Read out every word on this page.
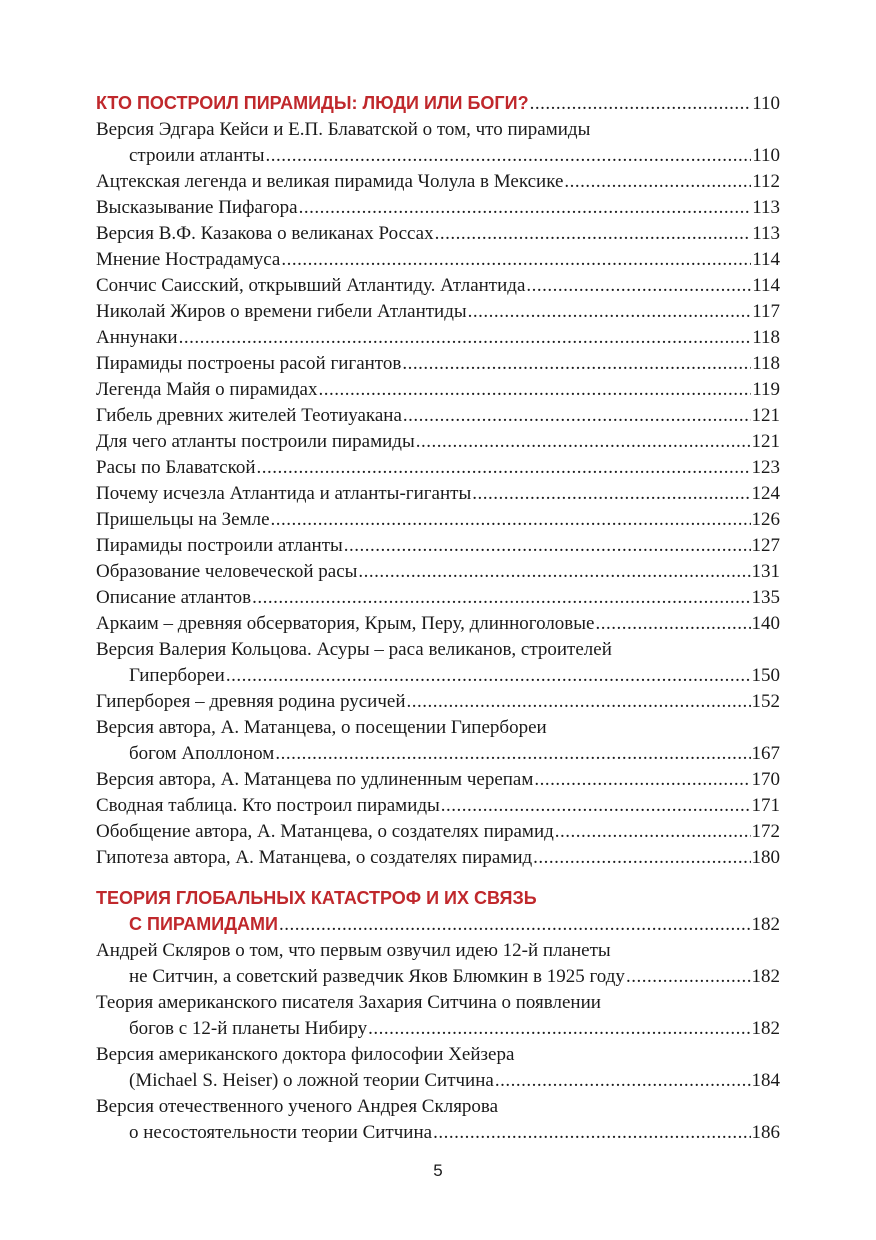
КТО ПОСТРОИЛ ПИРАМИДЫ: ЛЮДИ ИЛИ БОГИ? .....	110
Версия Эдгара Кейси и Е.П. Блаватской о том, что пирамиды
строили атланты .....	110
Ацтекская легенда и великая пирамида Чолула в Мексике .....	112
Высказывание Пифагора .....	113
Версия В.Ф. Казакова о великанах Россах .....	113
Мнение Нострадамуса .....	114
Сончис Саисский, открывший Атлантиду. Атлантида .....	114
Николай Жиров о времени гибели Атлантиды .....	117
Аннунаки .....	118
Пирамиды построены расой гигантов .....	118
Легенда Майя о пирамидах .....	119
Гибель древних жителей Теотиуакана .....	121
Для чего атланты построили пирамиды .....	121
Расы по Блаватской .....	123
Почему исчезла Атлантида и атланты-гиганты .....	124
Пришельцы на Земле .....	126
Пирамиды построили атланты .....	127
Образование человеческой расы .....	131
Описание атлантов .....	135
Аркаим – древняя обсерватория, Крым, Перу, длинноголовые .....	140
Версия Валерия Кольцова. Асуры – раса великанов, строителей
Гипербореи .....	150
Гиперборея – древняя родина русичей .....	152
Версия автора, А. Матанцева, о посещении Гипербореи
богом Аполлоном .....	167
Версия автора, А. Матанцева по удлиненным черепам .....	170
Сводная таблица. Кто построил пирамиды .....	171
Обобщение автора, А. Матанцева, о создателях пирамид .....	172
Гипотеза автора, А. Матанцева, о создателях пирамид .....	180
ТЕОРИЯ ГЛОБАЛЬНЫХ КАТАСТРОФ И ИХ СВЯЗЬ
С ПИРАМИДАМИ .....	182
Андрей Скляров о том, что первым озвучил идею 12-й планеты
не Ситчин, а советский разведчик Яков Блюмкин в 1925 году .....	182
Теория американского писателя Захария Ситчина о появлении
богов с 12-й планеты Нибиру .....	182
Версия американского доктора философии Хейзера
(Michael S. Heiser) о ложной теории Ситчина .....	184
Версия отечественного ученого Андрея Склярова
о несостоятельности теории Ситчина .....	186
5
